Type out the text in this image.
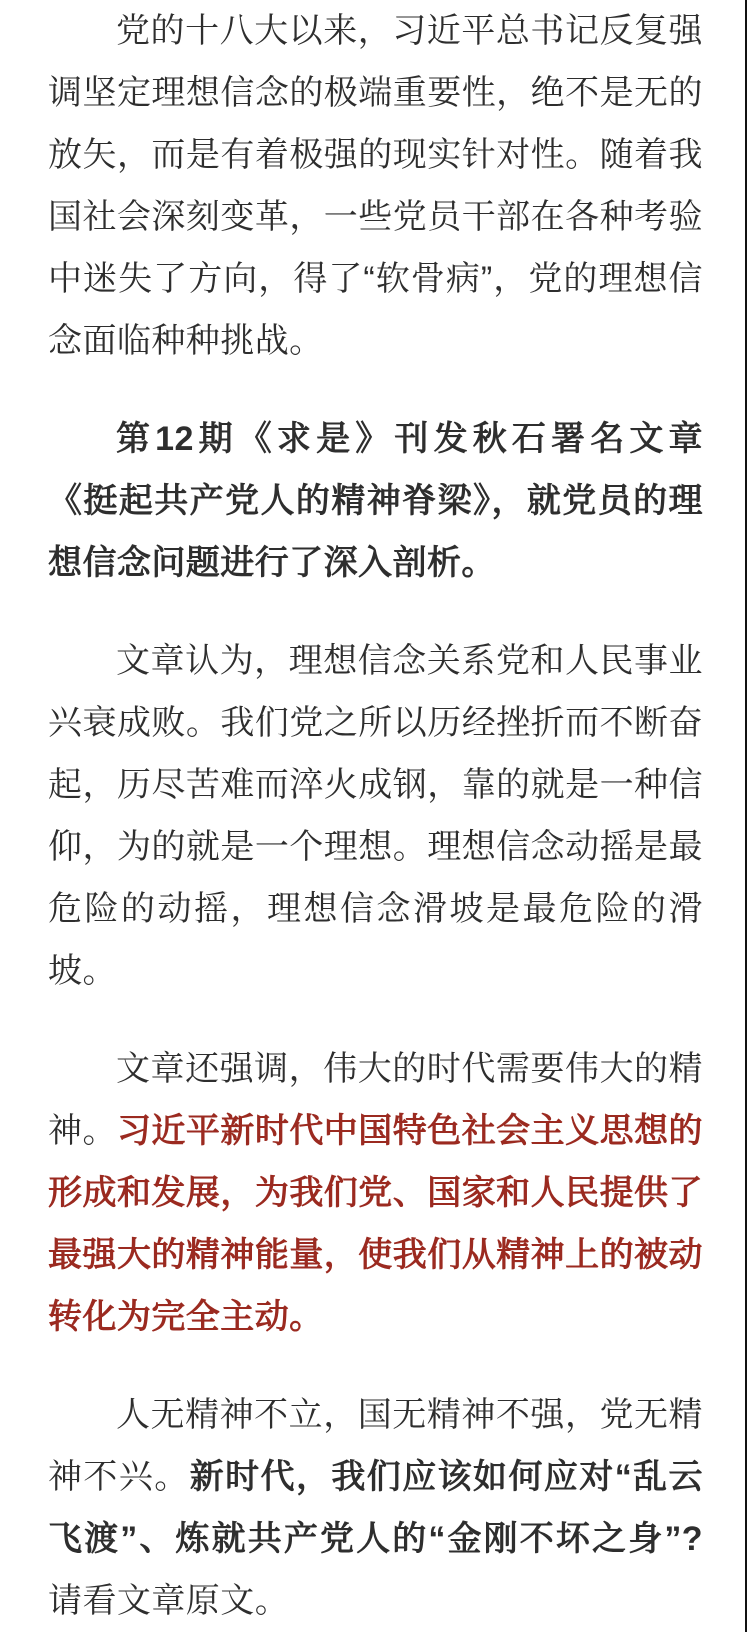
党的十八大以来，习近平总书记反复强调坚定理想信念的极端重要性，绝不是无的放矢，而是有着极强的现实针对性。随着我国社会深刻变革，一些党员干部在各种考验中迷失了方向，得了“软骨病”，党的理想信念面临种种挑战。

第12期《求是》刊发秋石署名文章《挺起共产党人的精神脊梁》，就党员的理想信念问题进行了深入剖析。

文章认为，理想信念关系党和人民事业兴衰成败。我们党之所以历经挫折而不断奋起，历尽苦难而淬火成钢，靠的就是一种信仰，为的就是一个理想。理想信念动摇是最危险的动摇，理想信念滑坡是最危险的滑坡。

文章还强调，伟大的时代需要伟大的精神。习近平新时代中国特色社会主义思想的形成和发展，为我们党、国家和人民提供了最强大的精神能量，使我们从精神上的被动转化为完全主动。

人无精神不立，国无精神不强，党无精神不兴。新时代，我们应该如何应对“乱云飞渡”、炼就共产党人的“金刚不坏之身”?请看文章原文。
